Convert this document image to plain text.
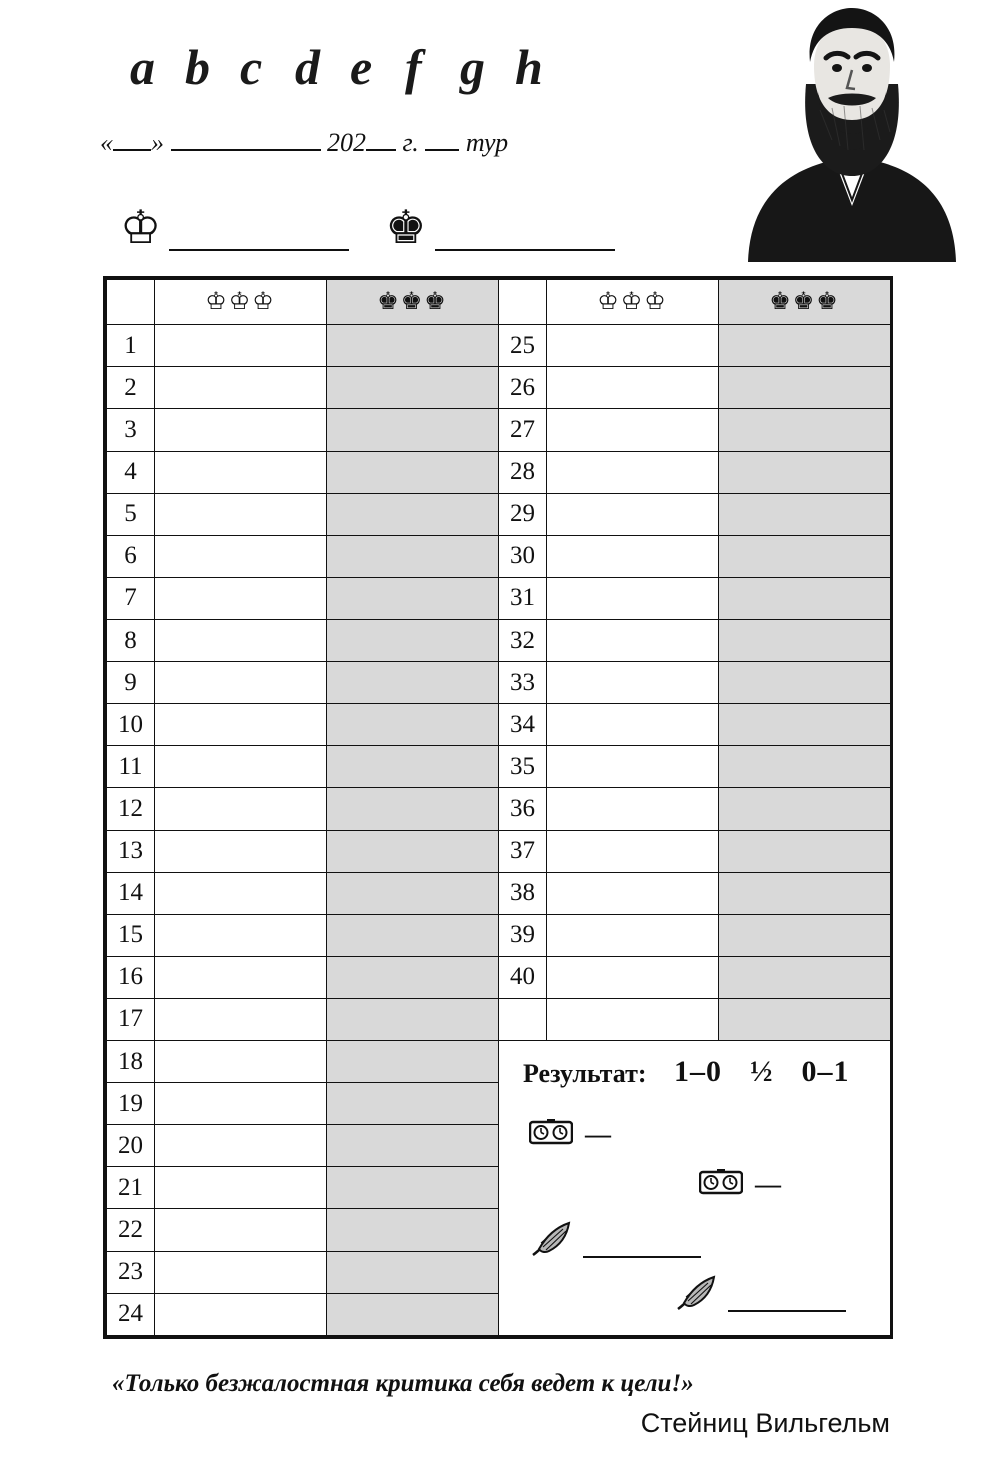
a b c d e f g h
« »	202 г. тур
♔	♚

	♔♔♔	♚♚♚		♔♔♔	♚♚♚

1			25		
2			26		
3			27		
4			28		
5			29		
6			30		
7			31		
8			32		
9			33		
10			34		
11			35		
12			36		
13			37		
14			38		
15			39		
16			40		
17					
18			Результат: 1–0 ½ 0–1
—
—		

19					
20					
21					
22					
23					
24					
«Только безжалостная критика себя ведет к цели!»
Стейниц Вильгельм
